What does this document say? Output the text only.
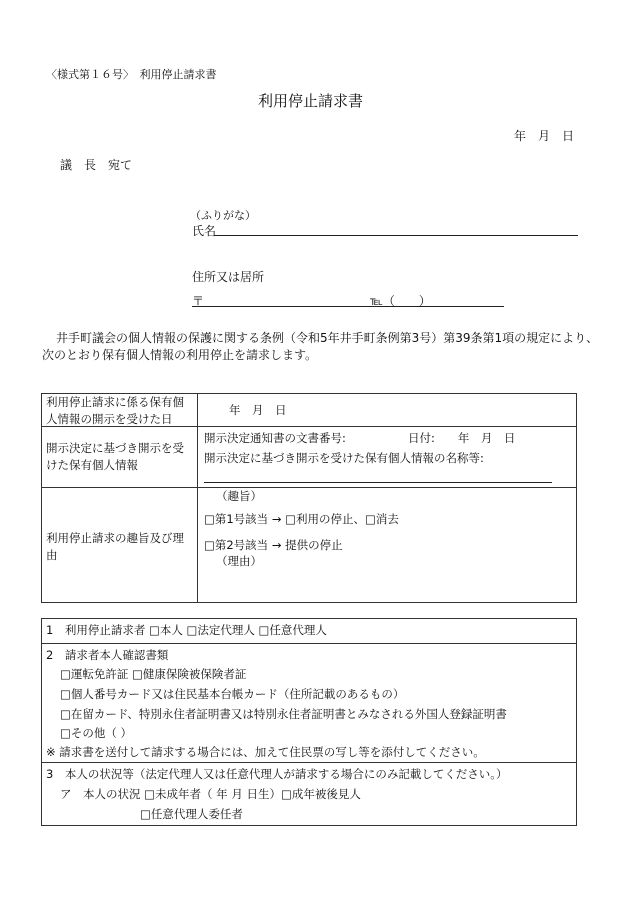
〈様式第１６号〉　利用停止請求書
利用停止請求書
年　月　日
議　長　宛て
（ふりがな）
氏名
住所又は居所
〒	℡（　　）
井手町議会の個人情報の保護に関する条例（令和5年井手町条例第3号）第39条第1項の規定により、
次のとおり保有個人情報の利用停止を請求します。
利用停止請求に係る保有個人情報の開示を受けた日
年　月　日
開示決定に基づき開示を受けた保有個人情報
開示決定通知書の文書番号:	日付:　　年　月　日
開示決定に基づき開示を受けた保有個人情報の名称等:
利用停止請求の趣旨及び理由
（趣旨）
□第1号該当 → □利用の停止、□消去
□第2号該当 → 提供の停止
（理由）
1　利用停止請求者 □本人 □法定代理人 □任意代理人
2　請求者本人確認書類
□運転免許証 □健康保険被保険者証
□個人番号カード又は住民基本台帳カード（住所記載のあるもの）
□在留カード、特別永住者証明書又は特別永住者証明書とみなされる外国人登録証明書
□その他（ ）
※ 請求書を送付して請求する場合には、加えて住民票の写し等を添付してください。
3　本人の状況等（法定代理人又は任意代理人が請求する場合にのみ記載してください。）
ア　本人の状況 □未成年者（ 年 月 日生）□成年被後見人
□任意代理人委任者
